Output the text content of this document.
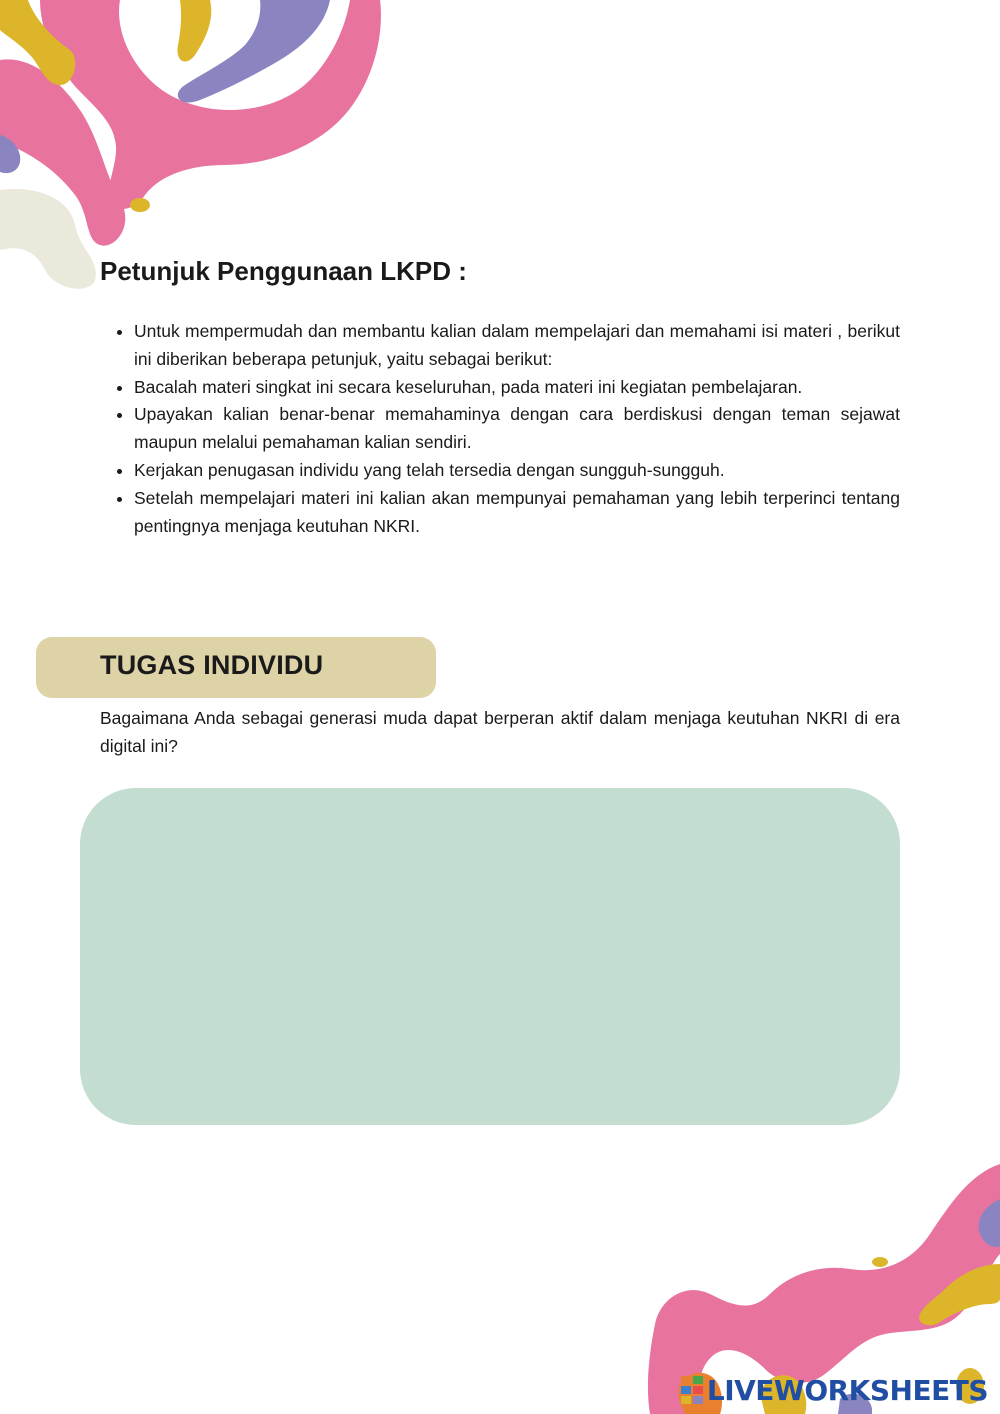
Petunjuk Penggunaan LKPD :
• Untuk mempermudah dan membantu kalian dalam mempelajari dan memahami isi materi , berikut ini diberikan beberapa petunjuk, yaitu sebagai berikut:
• Bacalah materi singkat ini secara keseluruhan, pada materi ini kegiatan pembelajaran.
• Upayakan kalian benar-benar memahaminya dengan cara berdiskusi dengan teman sejawat maupun melalui pemahaman kalian sendiri.
• Kerjakan penugasan individu yang telah tersedia dengan sungguh-sungguh.
• Setelah mempelajari materi ini kalian akan mempunyai pemahaman yang lebih terperinci tentang pentingnya menjaga keutuhan NKRI.
TUGAS INDIVIDU

Bagaimana Anda sebagai generasi muda dapat berperan aktif dalam menjaga keutuhan NKRI di era digital ini?

LIVEWORKSHEETS
